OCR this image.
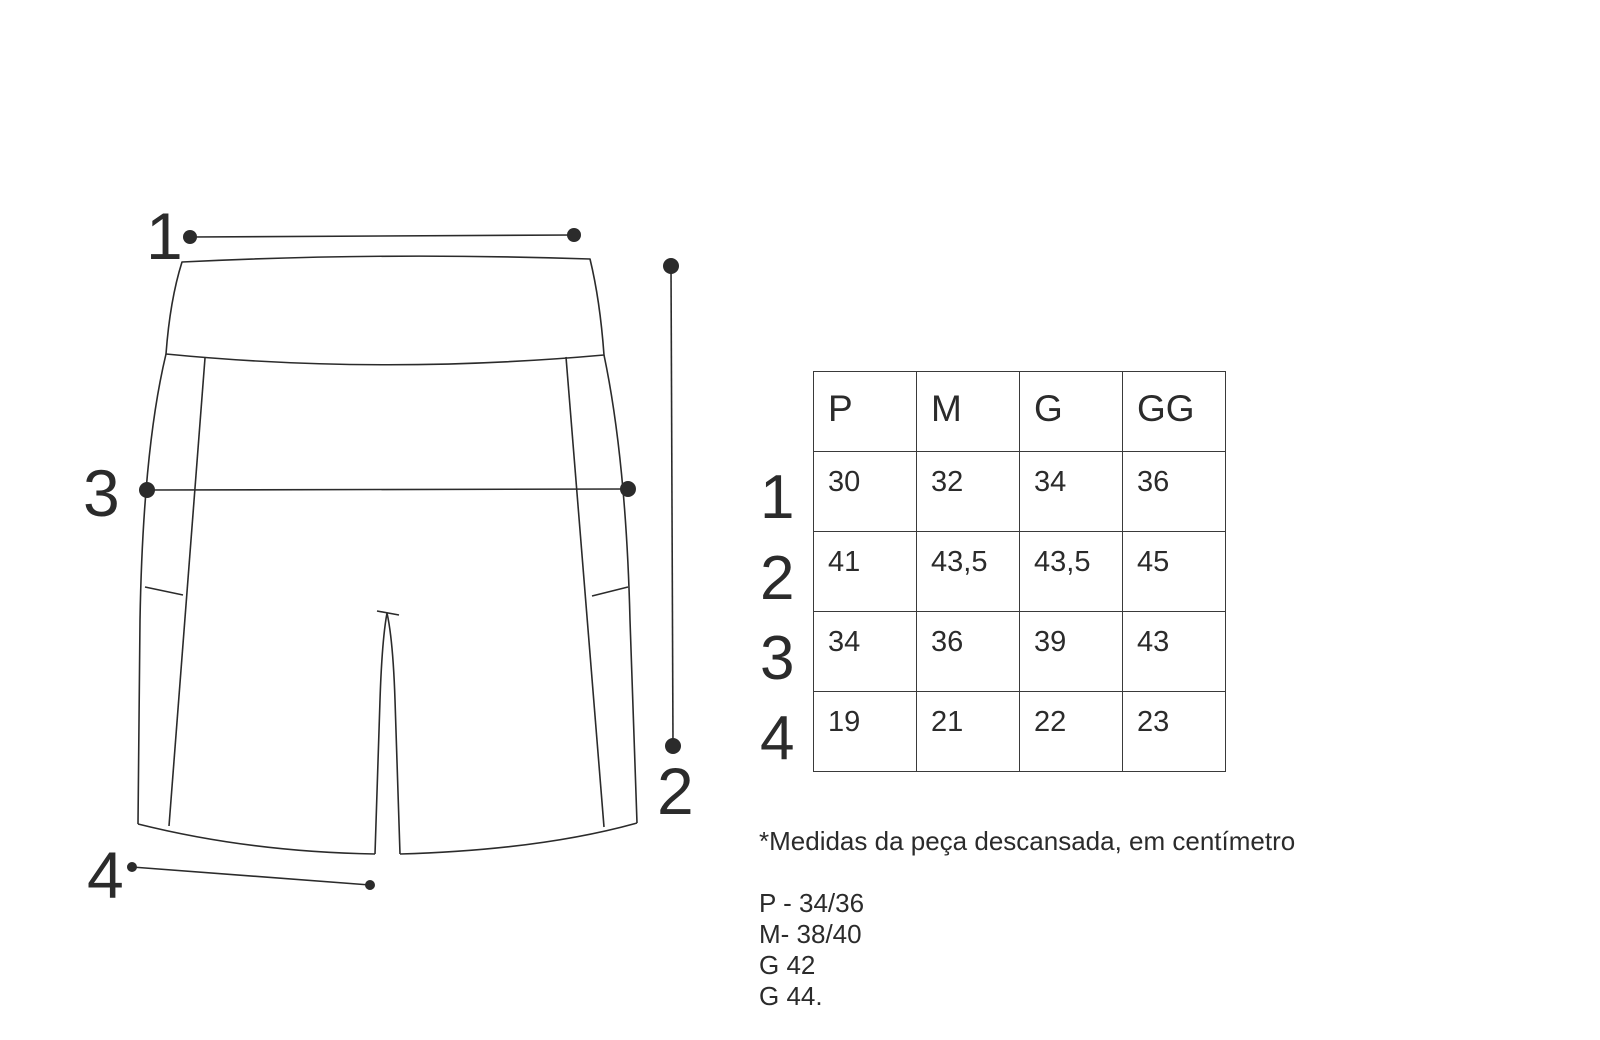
1
2
3
4
P	M	G	GG
30	32	34	36
41	43,5	43,5	45
34	36	39	43
19	21	22	23
1
2
3
4
*Medidas da peça descansada, em centímetro
P - 34/36
M- 38/40
G 42
G 44.
